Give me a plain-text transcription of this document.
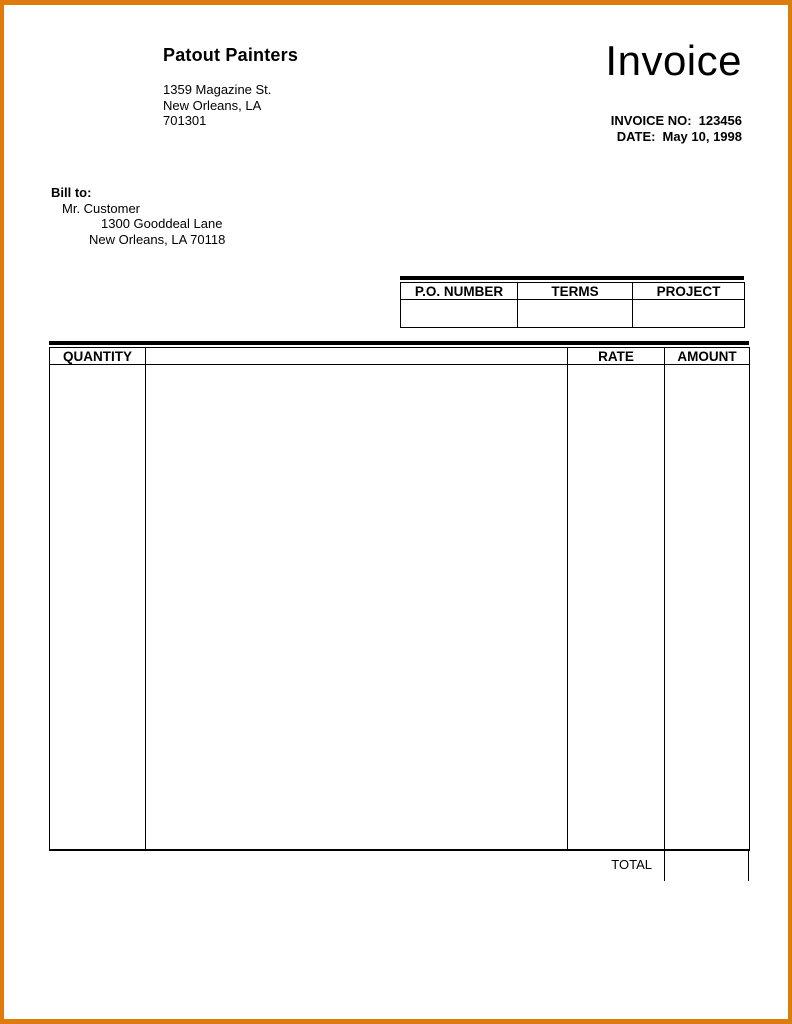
Patout Painters
1359 Magazine St.
New Orleans, LA
701301
Invoice
INVOICE NO: 123456
DATE: May 10, 1998
Bill to:
Mr. Customer
1300 Gooddeal Lane
New Orleans, LA 70118
P.O. NUMBER	TERMS	PROJECT

QUANTITY		RATE	AMOUNT

TOTAL
